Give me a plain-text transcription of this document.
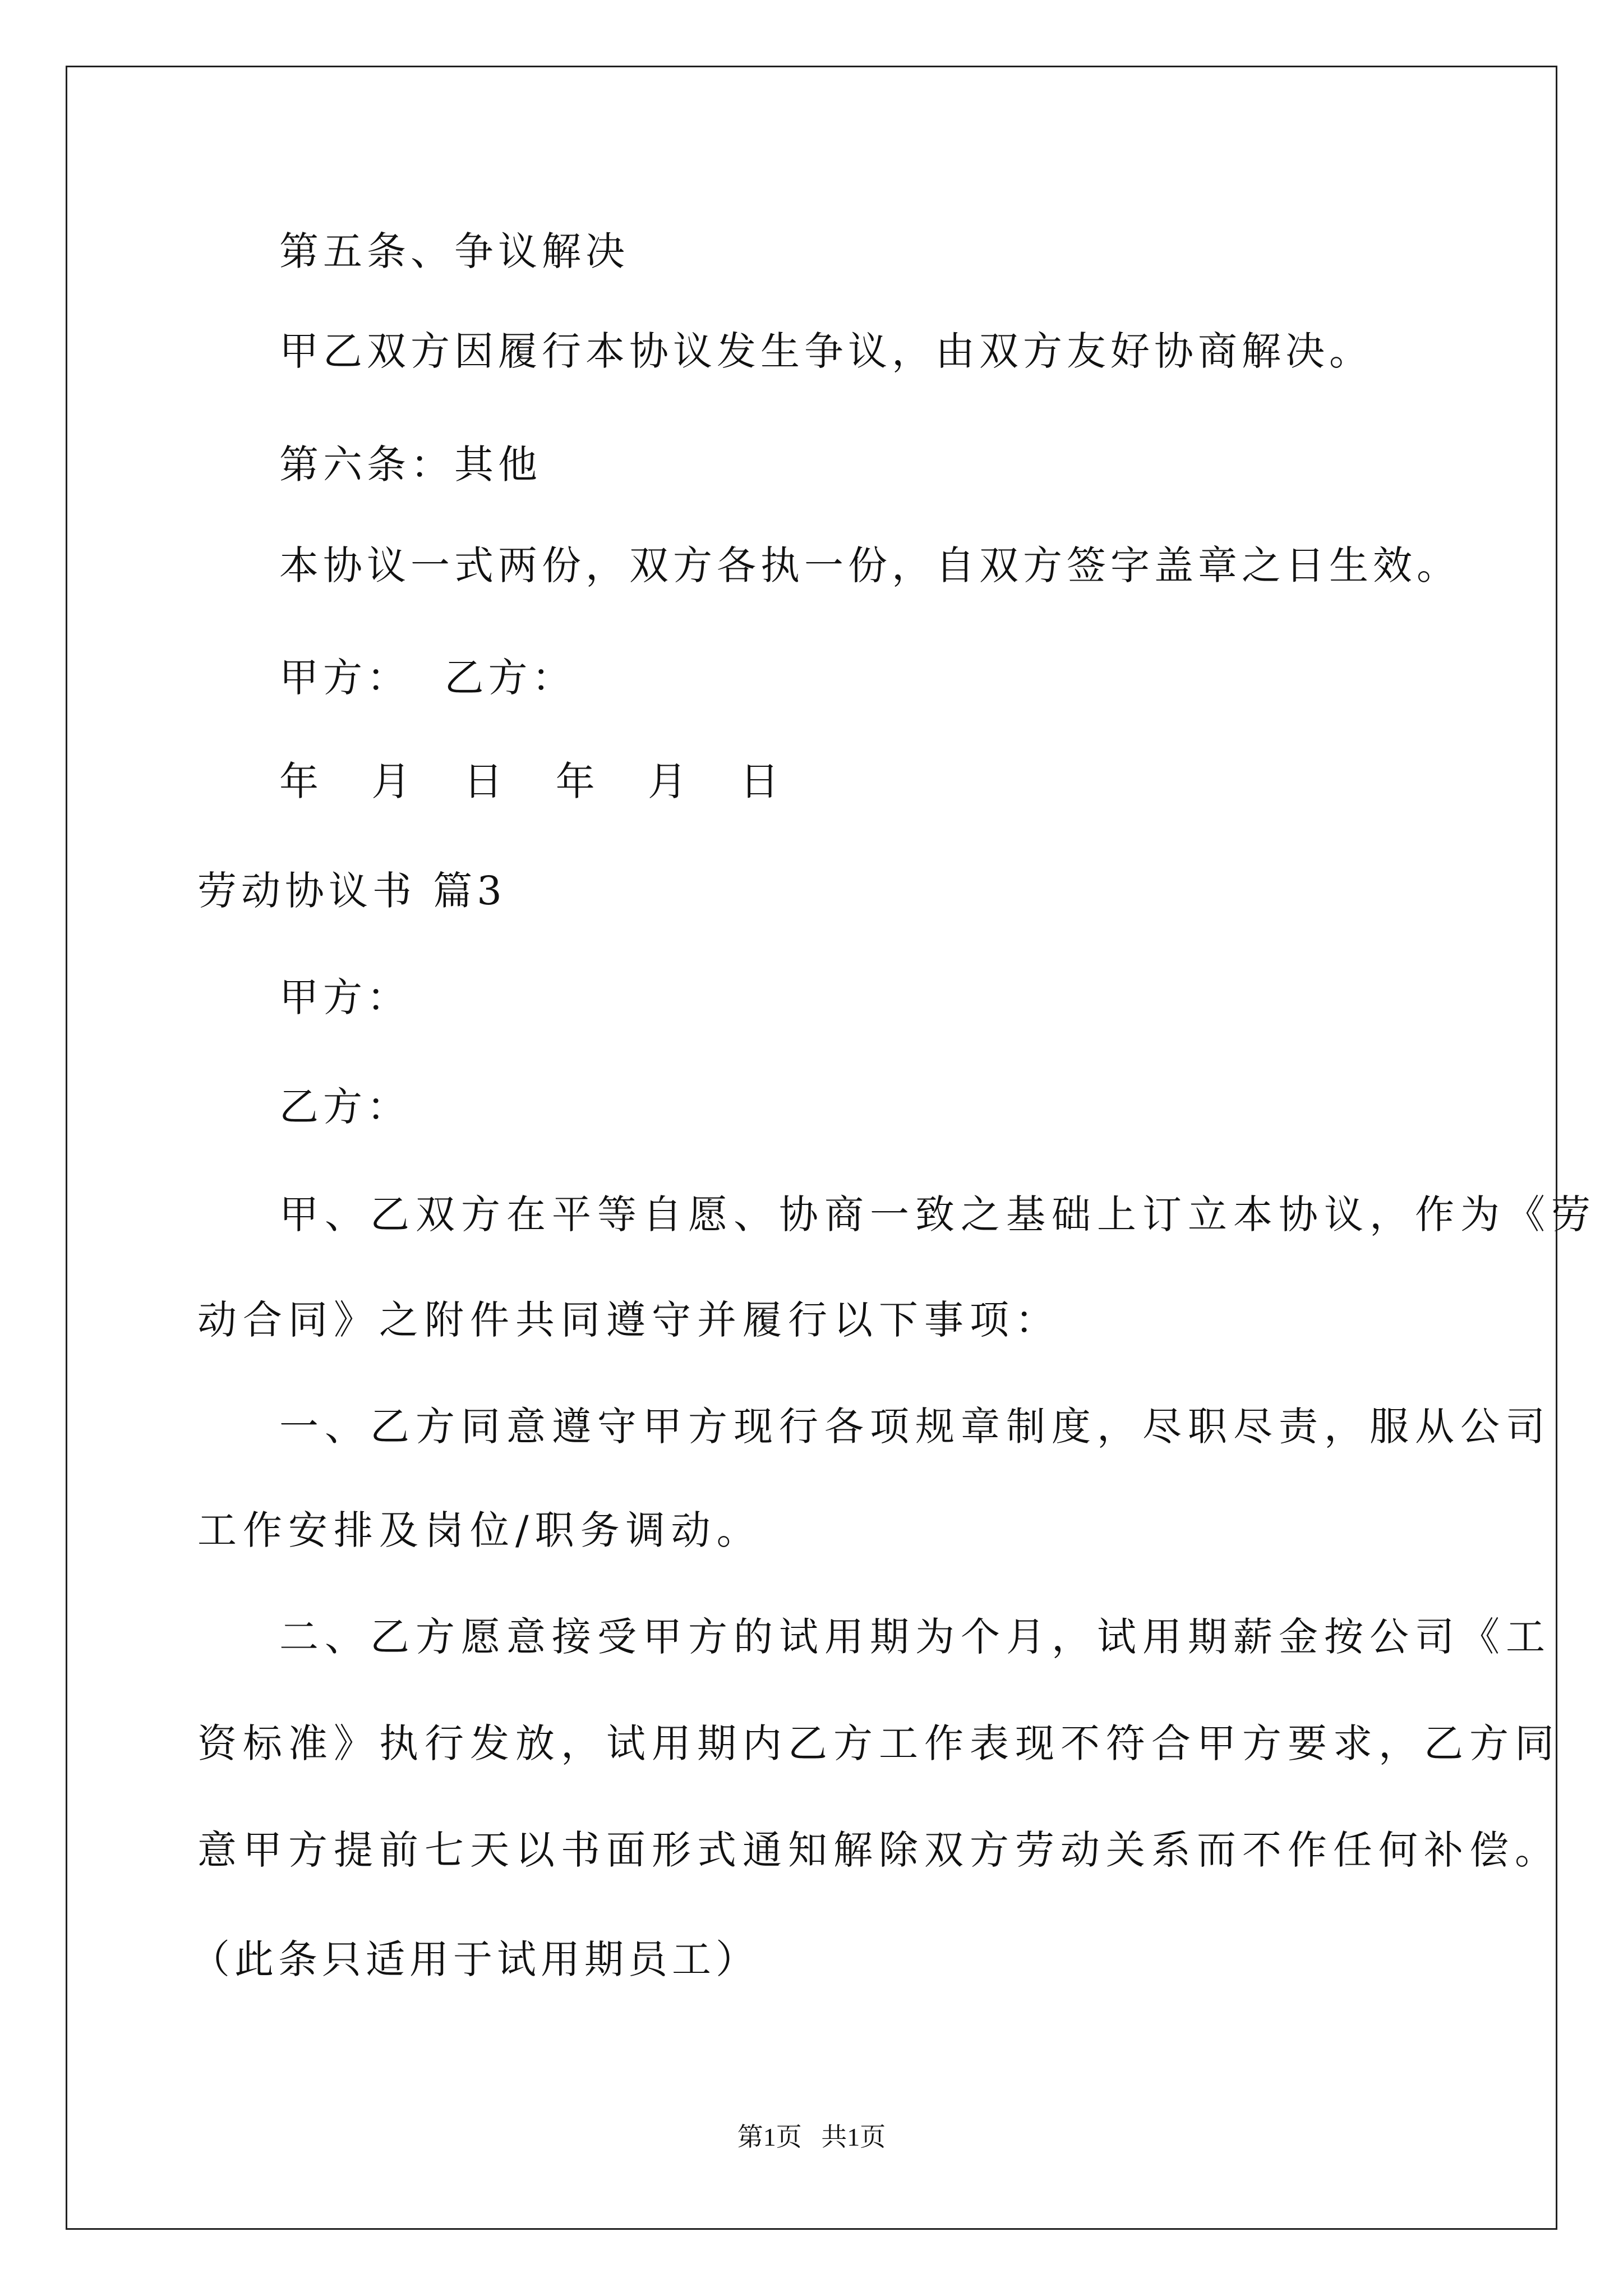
第五条、争议解决
甲乙双方因履行本协议发生争议，由双方友好协商解决。
第六条：其他
本协议一式两份，双方各执一份，自双方签字盖章之日生效。
甲方：  乙方：
年 月 日 年 月 日
劳动协议书 篇3
甲方：
乙方：
甲、乙双方在平等自愿、协商一致之基础上订立本协议，作为《劳
动合同》之附件共同遵守并履行以下事项：
一、乙方同意遵守甲方现行各项规章制度，尽职尽责，服从公司
工作安排及岗位/职务调动。
二、乙方愿意接受甲方的试用期为个月，试用期薪金按公司《工
资标准》执行发放，试用期内乙方工作表现不符合甲方要求，乙方同
意甲方提前七天以书面形式通知解除双方劳动关系而不作任何补偿。
（此条只适用于试用期员工）
第1页   共1页
